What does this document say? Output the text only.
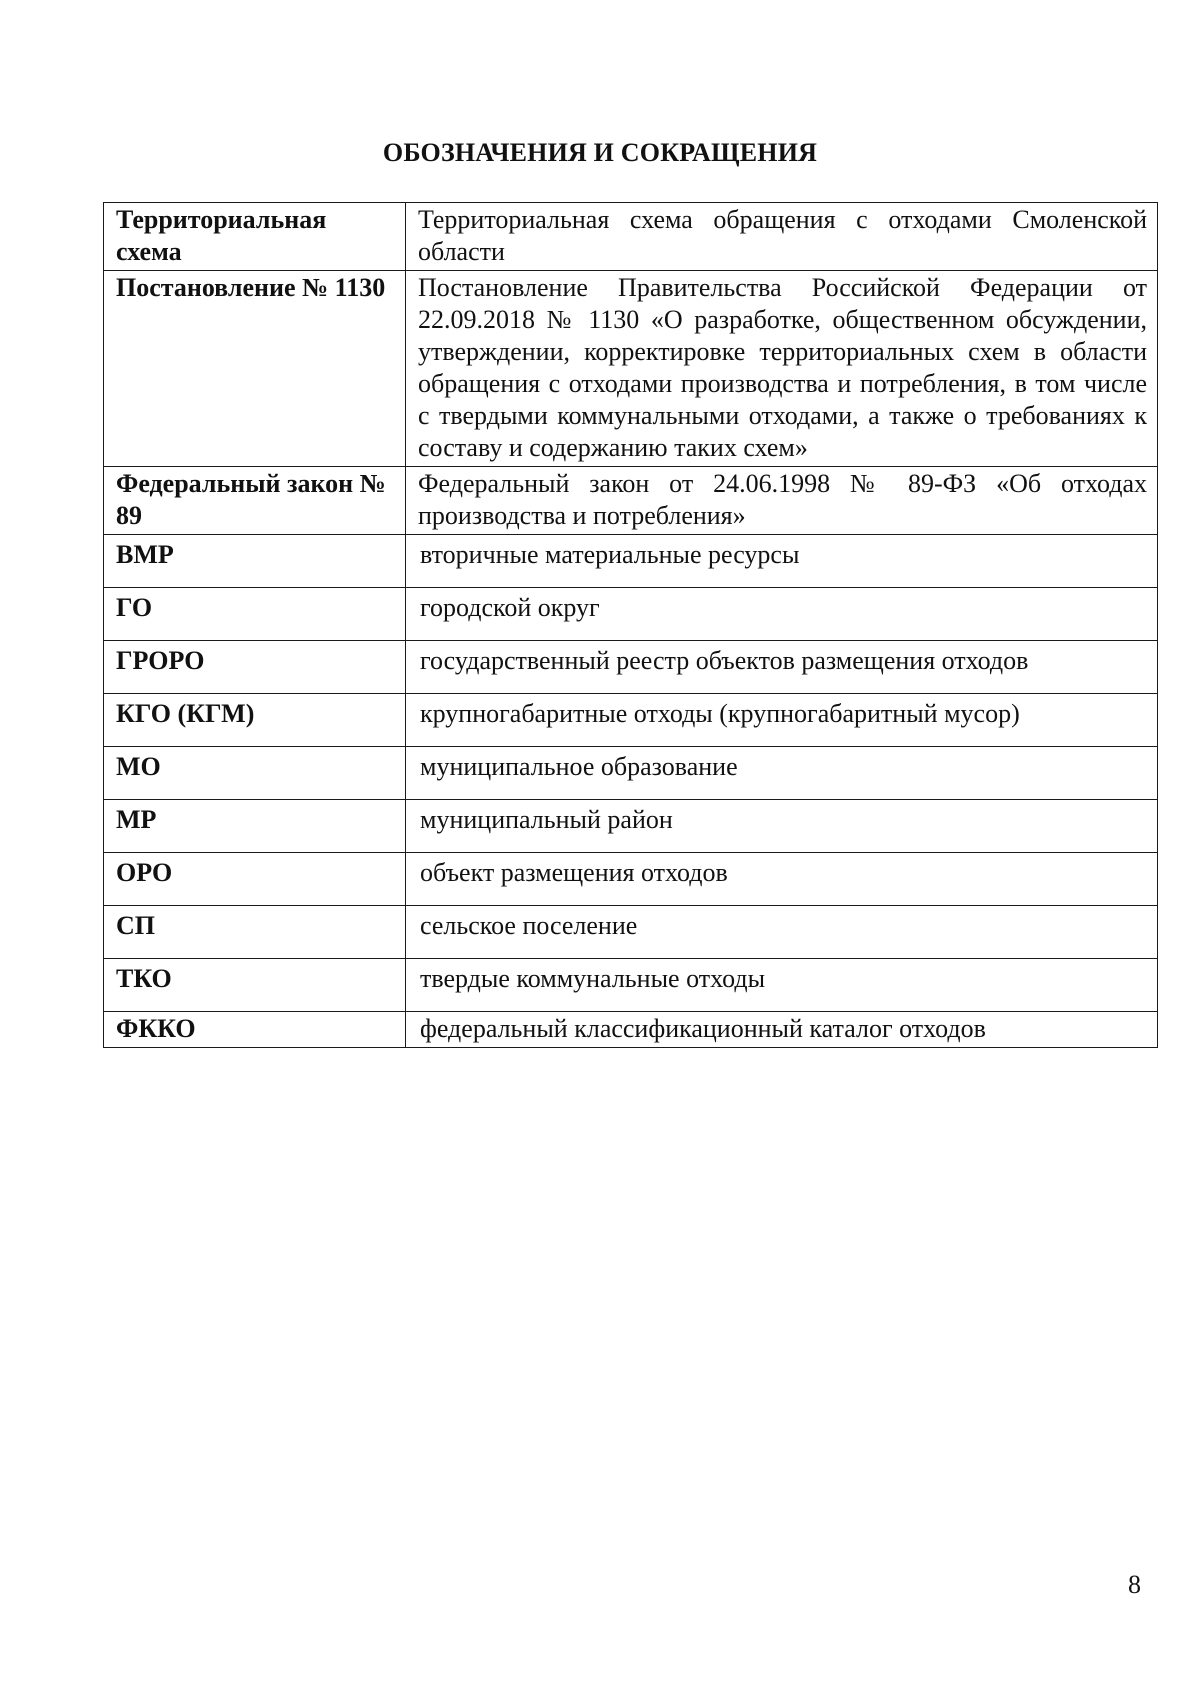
ОБОЗНАЧЕНИЯ И СОКРАЩЕНИЯ
Территориальная схема	Территориальная схема обращения с отходами Смоленской области
Постановление № 1130	Постановление Правительства Российской Федерации от 22.09.2018 № 1130 «О разработке, общественном обсуждении, утверждении, корректировке территориальных схем в области обращения с отходами производства и потребления, в том числе с твердыми коммунальными отходами, а также о требованиях к составу и содержанию таких схем»
Федеральный закон № 89	Федеральный закон от 24.06.1998 № 89-ФЗ «Об отходах производства и потребления»
ВМР	вторичные материальные ресурсы
ГО	городской округ
ГРОРО	государственный реестр объектов размещения отходов
КГО (КГМ)	крупногабаритные отходы (крупногабаритный мусор)
МО	муниципальное образование
МР	муниципальный район
ОРО	объект размещения отходов
СП	сельское поселение
ТКО	твердые коммунальные отходы
ФККО	федеральный классификационный каталог отходов
8
